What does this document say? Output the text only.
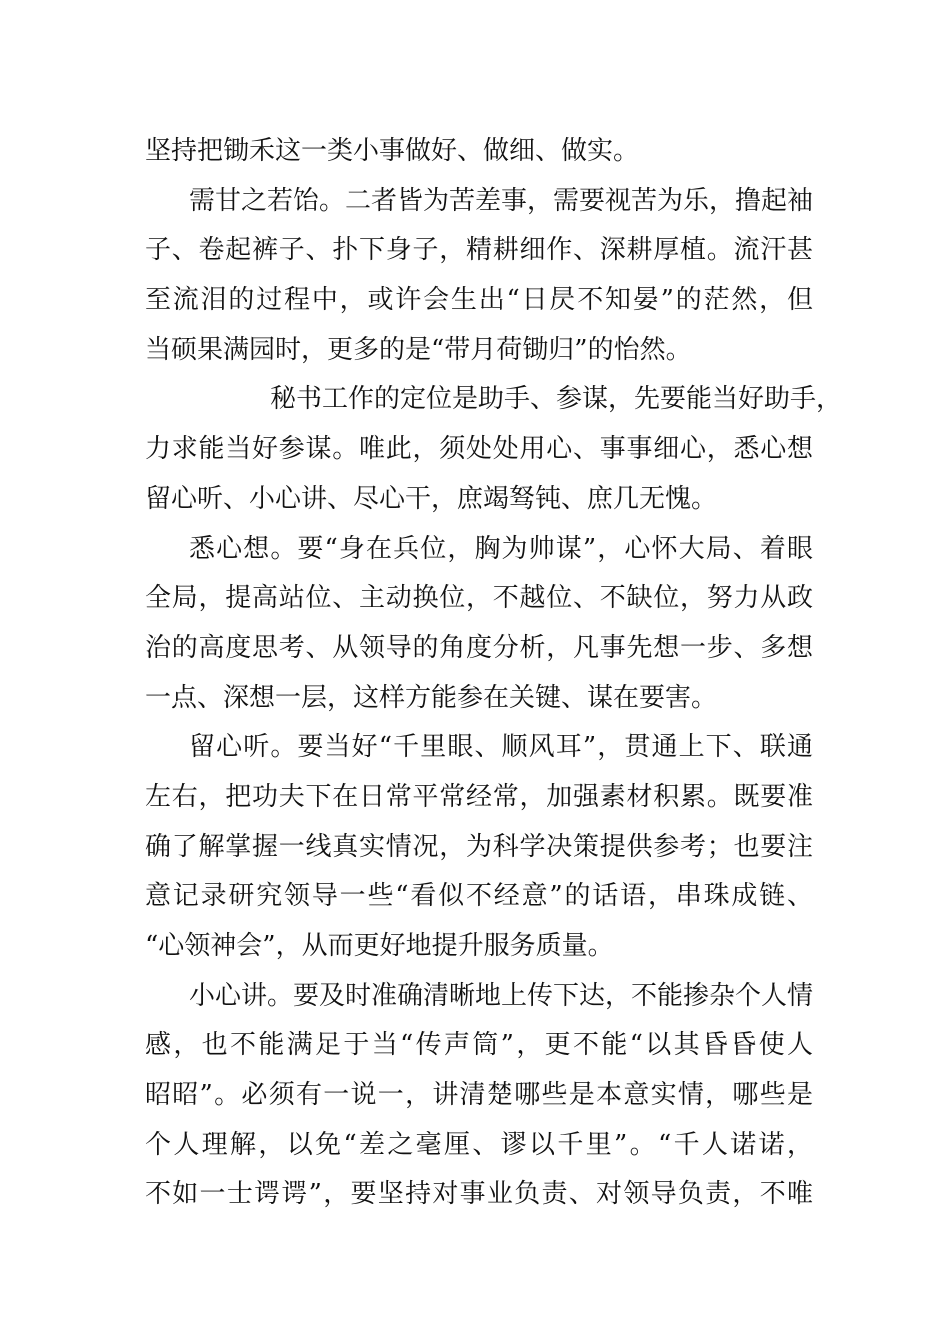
坚持把锄禾这一类小事做好、做细、做实。
需甘之若饴。二者皆为苦差事，需要视苦为乐，撸起袖
子、卷起裤子、扑下身子，精耕细作、深耕厚植。流汗甚
至流泪的过程中，或许会生出“日昃不知晏”的茫然，但
当硕果满园时，更多的是“带月荷锄归”的怡然。
秘书工作的定位是助手、参谋，先要能当好助手，
力求能当好参谋。唯此，须处处用心、事事细心，悉心想
留心听、小心讲、尽心干，庶竭驽钝、庶几无愧。
悉心想。要“身在兵位，胸为帅谋”，心怀大局、着眼
全局，提高站位、主动换位，不越位、不缺位，努力从政
治的高度思考、从领导的角度分析，凡事先想一步、多想
一点、深想一层，这样方能参在关键、谋在要害。
留心听。要当好“千里眼、顺风耳”，贯通上下、联通
左右，把功夫下在日常平常经常，加强素材积累。既要准
确了解掌握一线真实情况，为科学决策提供参考；也要注
意记录研究领导一些“看似不经意”的话语，串珠成链、
“心领神会”，从而更好地提升服务质量。
小心讲。要及时准确清晰地上传下达，不能掺杂个人情
感，也不能满足于当“传声筒”，更不能“以其昏昏使人
昭昭”。必须有一说一，讲清楚哪些是本意实情，哪些是
个人理解，以免“差之毫厘、谬以千里”。“千人诺诺，
不如一士谔谔”，要坚持对事业负责、对领导负责，不唯
